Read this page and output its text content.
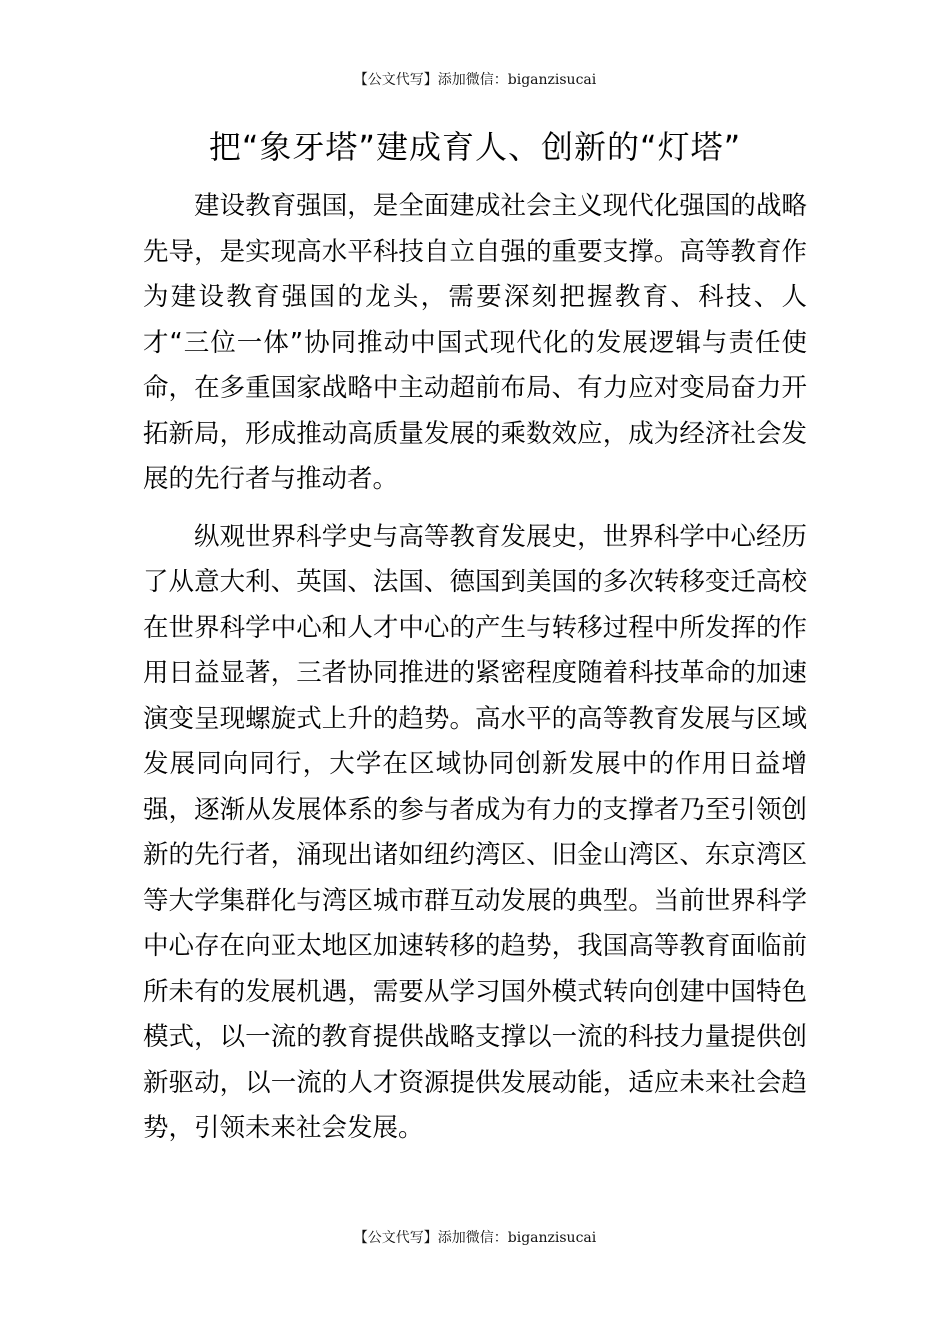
【公文代写】添加微信：biganzisucai
把“象牙塔”建成育人、创新的“灯塔”

建设教育强国，是全面建成社会主义现代化强国的战略先导，是实现高水平科技自立自强的重要支撑。高等教育作为建设教育强国的龙头，需要深刻把握教育、科技、人才“三位一体”协同推动中国式现代化的发展逻辑与责任使命，在多重国家战略中主动超前布局、有力应对变局奋力开拓新局，形成推动高质量发展的乘数效应，成为经济社会发展的先行者与推动者。

纵观世界科学史与高等教育发展史，世界科学中心经历了从意大利、英国、法国、德国到美国的多次转移变迁高校在世界科学中心和人才中心的产生与转移过程中所发挥的作用日益显著，三者协同推进的紧密程度随着科技革命的加速演变呈现螺旋式上升的趋势。高水平的高等教育发展与区域发展同向同行，大学在区域协同创新发展中的作用日益增强，逐渐从发展体系的参与者成为有力的支撑者乃至引领创新的先行者，涌现出诸如纽约湾区、旧金山湾区、东京湾区等大学集群化与湾区城市群互动发展的典型。当前世界科学中心存在向亚太地区加速转移的趋势，我国高等教育面临前所未有的发展机遇，需要从学习国外模式转向创建中国特色模式，以一流的教育提供战略支撑以一流的科技力量提供创新驱动，以一流的人才资源提供发展动能，适应未来社会趋势，引领未来社会发展。

【公文代写】添加微信：biganzisucai
